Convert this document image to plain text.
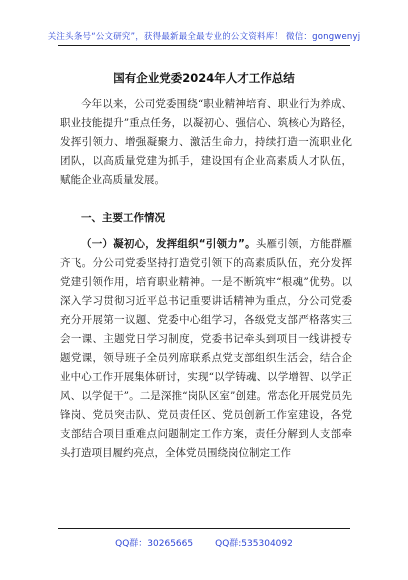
关注头条号“公文研究”，获得最新最全最专业的公文资料库！ 微信：gongwenyj
国有企业党委2024年人才工作总结
今年以来，公司党委围绕“职业精神培育、职业行为养成、职业技能提升”重点任务，以凝初心、强信心、筑核心为路径，发挥引领力、增强凝聚力、激活生命力，持续打造一流职业化团队，以高质量党建为抓手，建设国有企业高素质人才队伍，赋能企业高质量发展。
一、主要工作情况
（一）凝初心，发挥组织“引领力”。头雁引领，方能群雁齐飞。分公司党委坚持打造党引领下的高素质队伍，充分发挥党建引领作用，培育职业精神。一是不断筑牢“根魂”优势。以深入学习贯彻习近平总书记重要讲话精神为重点，分公司党委充分开展第一议题、党委中心组学习，各级党支部严格落实三会一课、主题党日学习制度，党委书记牵头到项目一线讲授专题党课，领导班子全员列席联系点党支部组织生活会，结合企业中心工作开展集体研讨，实现“以学铸魂、以学增智、以学正风、以学促干”。二是深推“岗队区室”创建。常态化开展党员先锋岗、党员突击队、党员责任区、党员创新工作室建设，各党支部结合项目重难点问题制定工作方案，责任分解到人支部牵头打造项目履约亮点，全体党员围绕岗位制定工作
QQ群：30265665 QQ群:535304092
